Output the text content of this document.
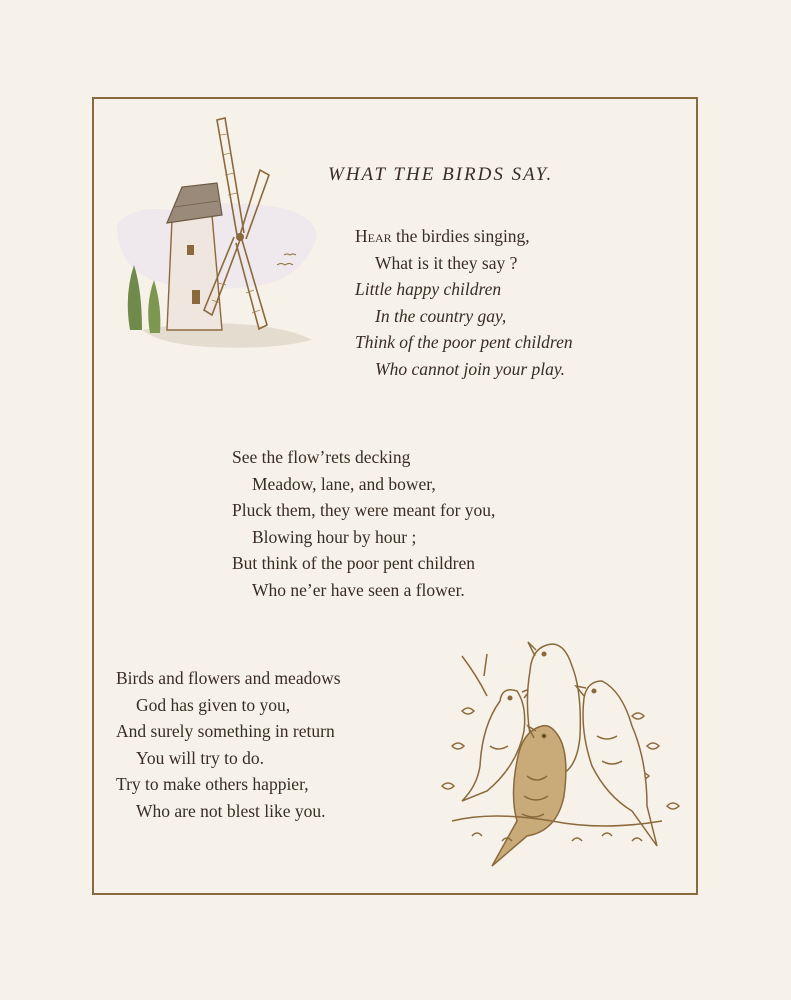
WHAT THE BIRDS SAY.
Hear the birdies singing,
What is it they say ?
Little happy children
In the country gay,
Think of the poor pent children
Who cannot join your play.
See the flow’rets decking
Meadow, lane, and bower,
Pluck them, they were meant for you,
Blowing hour by hour ;
But think of the poor pent children
Who ne’er have seen a flower.
Birds and flowers and meadows
God has given to you,
And surely something in return
You will try to do.
Try to make others happier,
Who are not blest like you.
